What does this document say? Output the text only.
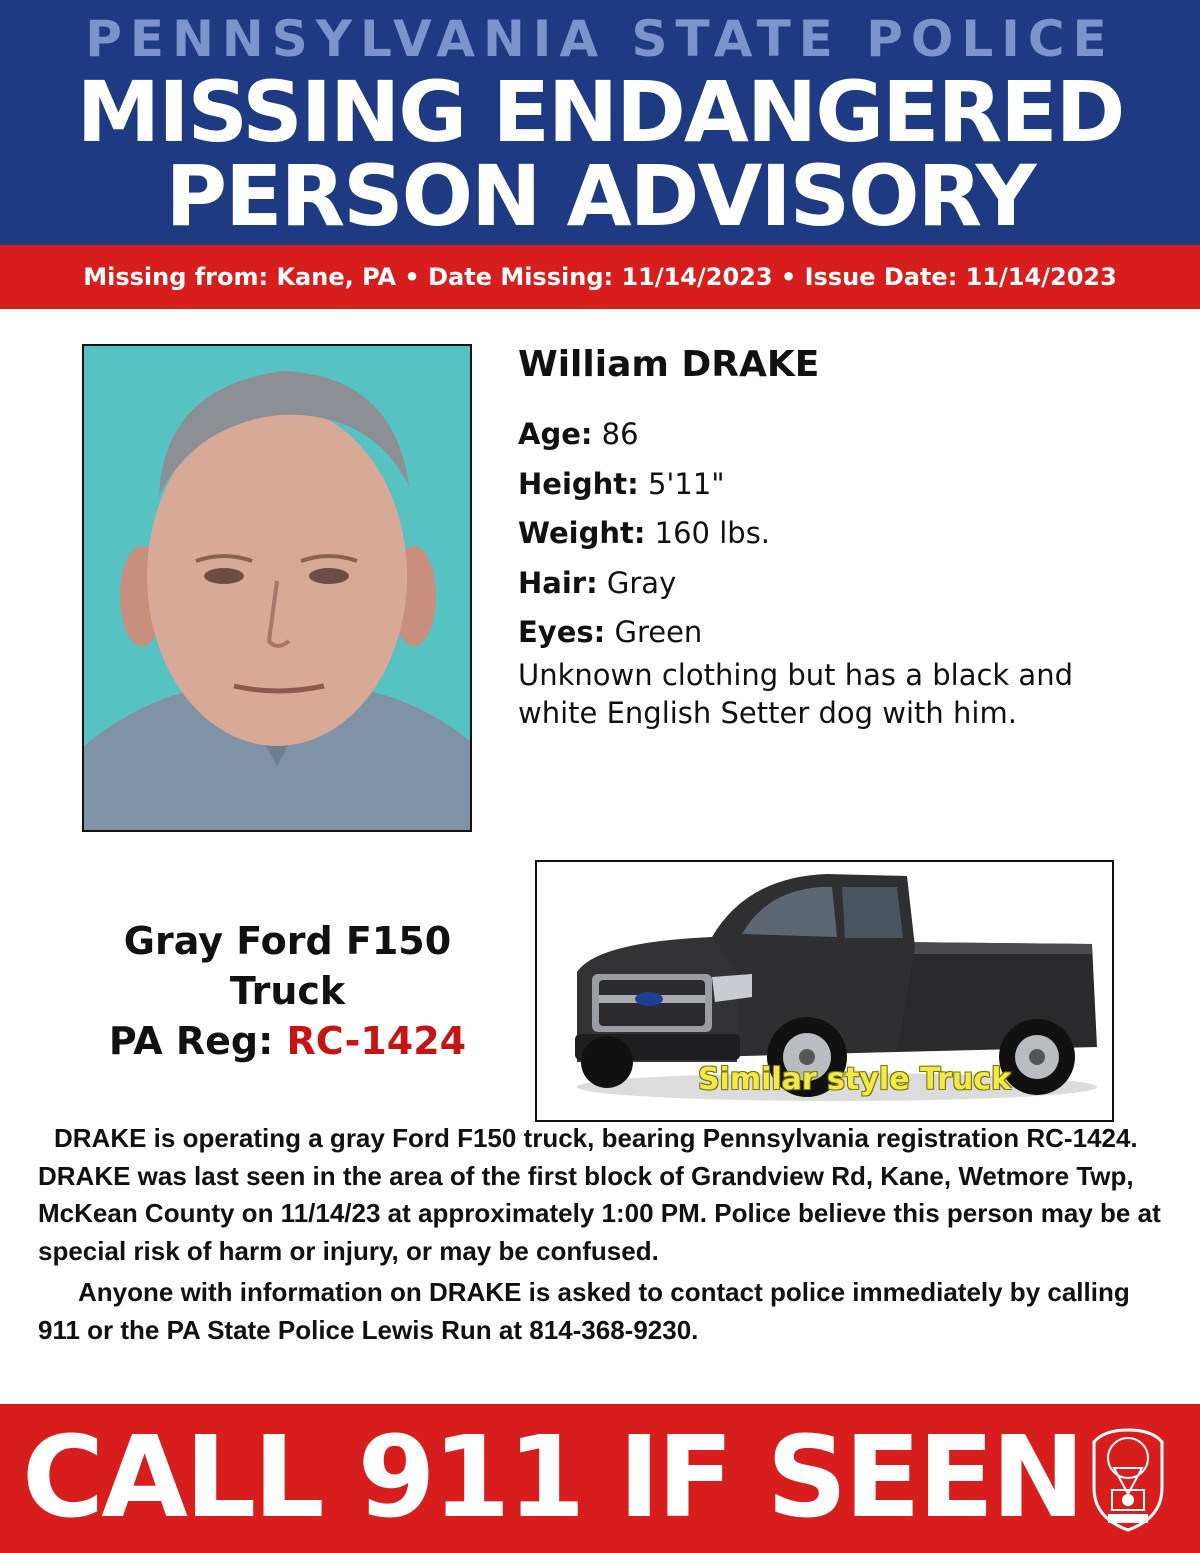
PENNSYLVANIA STATE POLICE
MISSING ENDANGERED
PERSON ADVISORY
Missing from: Kane, PA • Date Missing: 11/14/2023 • Issue Date: 11/14/2023
William DRAKE
Age: 86
Height: 5'11"
Weight: 160 lbs.
Hair: Gray
Eyes: Green
Unknown clothing but has a black and white English Setter dog with him.
Gray Ford F150
Truck
PA Reg: RC-1424
Similar style Truck

DRAKE is operating a gray Ford F150 truck, bearing Pennsylvania registration RC-1424. DRAKE was last seen in the area of the first block of Grandview Rd, Kane, Wetmore Twp, McKean County on 11/14/23 at approximately 1:00 PM. Police believe this person may be at special risk of harm or injury, or may be confused.

Anyone with information on DRAKE is asked to contact police immediately by calling 911 or the PA State Police Lewis Run at 814-368-9230.

CALL 911 IF SEEN
